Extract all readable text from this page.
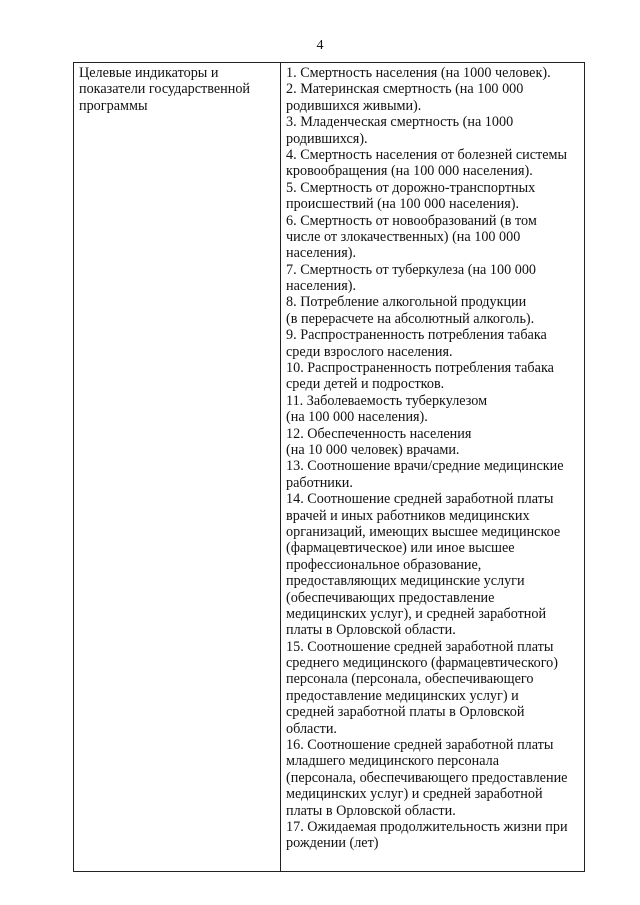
4
Целевые индикаторы и
показатели государственной
программы
1. Смертность населения (на 1000 человек).
2. Материнская смертность (на 100 000
родившихся живыми).
3. Младенческая смертность (на 1000
родившихся).
4. Смертность населения от болезней системы
кровообращения (на 100 000 населения).
5. Смертность от дорожно-транспортных
происшествий (на 100 000 населения).
6. Смертность от новообразований (в том
числе от злокачественных) (на 100 000
населения).
7. Смертность от туберкулеза (на 100 000
населения).
8. Потребление алкогольной продукции
(в перерасчете на абсолютный алкоголь).
9. Распространенность потребления табака
среди взрослого населения.
10. Распространенность потребления табака
среди детей и подростков.
11. Заболеваемость туберкулезом
(на 100 000 населения).
12. Обеспеченность населения
(на 10 000 человек) врачами.
13. Соотношение врачи/средние медицинские
работники.
14. Соотношение средней заработной платы
врачей и иных работников медицинских
организаций, имеющих высшее медицинское
(фармацевтическое) или иное высшее
профессиональное образование,
предоставляющих медицинские услуги
(обеспечивающих предоставление
медицинских услуг), и средней заработной
платы в Орловской области.
15. Соотношение средней заработной платы
среднего медицинского (фармацевтического)
персонала (персонала, обеспечивающего
предоставление медицинских услуг) и
средней заработной платы в Орловской
области.
16. Соотношение средней заработной платы
младшего медицинского персонала
(персонала, обеспечивающего предоставление
медицинских услуг) и средней заработной
платы в Орловской области.
17. Ожидаемая продолжительность жизни при
рождении (лет)
